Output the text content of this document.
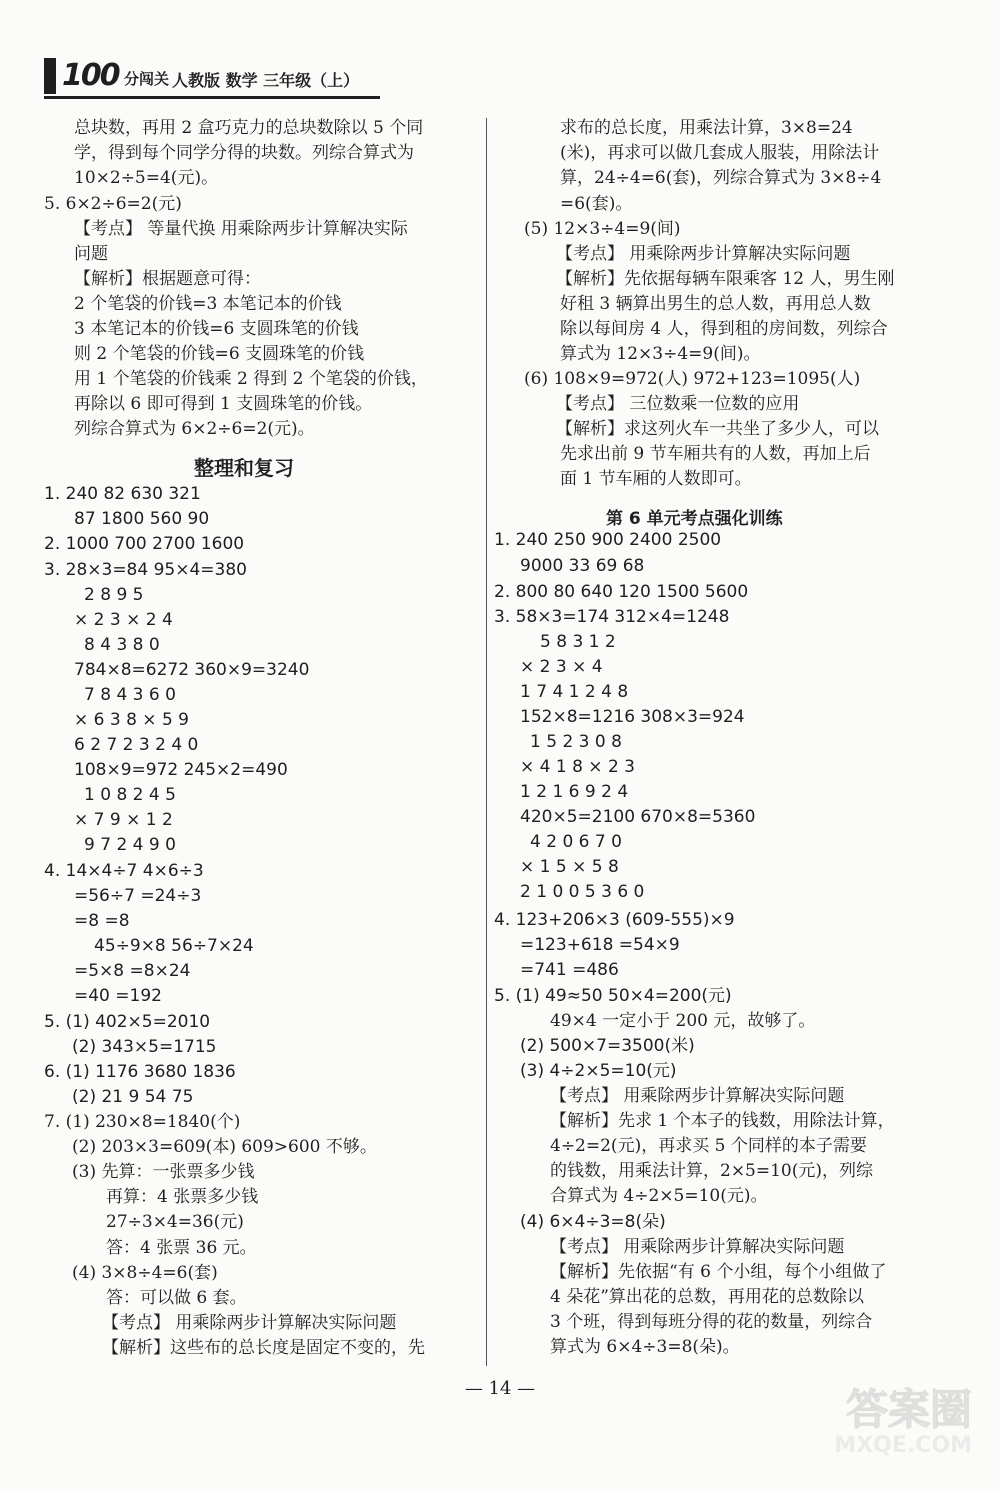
100 分闯关 人教版 数学 三年级（上）
总块数，再用 2 盒巧克力的总块数除以 5 个同
学，得到每个同学分得的块数。列综合算式为
10×2÷5=4(元)。
5. 6×2÷6=2(元)
【考点】 等量代换 用乘除两步计算解决实际
问题
【解析】根据题意可得：
2 个笔袋的价钱=3 本笔记本的价钱
3 本笔记本的价钱=6 支圆珠笔的价钱
则 2 个笔袋的价钱=6 支圆珠笔的价钱
用 1 个笔袋的价钱乘 2 得到 2 个笔袋的价钱，
再除以 6 即可得到 1 支圆珠笔的价钱。
列综合算式为 6×2÷6=2(元)。
整理和复习
1. 240 82 630 321
87 1800 560 90
2. 1000 700 2700 1600
3. 28×3=84 95×4=380
2 8 9 5
× 2 3 × 2 4
8 4 3 8 0
784×8=6272 360×9=3240
7 8 4 3 6 0
× 6 3 8 × 5 9
6 2 7 2 3 2 4 0
108×9=972 245×2=490
1 0 8 2 4 5
× 7 9 × 1 2
9 7 2 4 9 0
4. 14×4÷7 4×6÷3
=56÷7 =24÷3
=8 =8
45÷9×8 56÷7×24
=5×8 =8×24
=40 =192
5. (1) 402×5=2010
(2) 343×5=1715
6. (1) 1176 3680 1836
(2) 21 9 54 75
7. (1) 230×8=1840(个)
(2) 203×3=609(本) 609>600 不够。
(3) 先算：一张票多少钱
再算：4 张票多少钱
27÷3×4=36(元)
答：4 张票 36 元。
(4) 3×8÷4=6(套)
答：可以做 6 套。
【考点】 用乘除两步计算解决实际问题
【解析】这些布的总长度是固定不变的，先
求布的总长度，用乘法计算，3×8=24
(米)，再求可以做几套成人服装，用除法计
算，24÷4=6(套)，列综合算式为 3×8÷4
=6(套)。
(5) 12×3÷4=9(间)
【考点】 用乘除两步计算解决实际问题
【解析】先依据每辆车限乘客 12 人，男生刚
好租 3 辆算出男生的总人数，再用总人数
除以每间房 4 人，得到租的房间数，列综合
算式为 12×3÷4=9(间)。
(6) 108×9=972(人) 972+123=1095(人)
【考点】 三位数乘一位数的应用
【解析】求这列火车一共坐了多少人，可以
先求出前 9 节车厢共有的人数，再加上后
面 1 节车厢的人数即可。
第 6 单元考点强化训练
1. 240 250 900 2400 2500
9000 33 69 68
2. 800 80 640 120 1500 5600
3. 58×3=174 312×4=1248
5 8 3 1 2
× 2 3 × 4
1 7 4 1 2 4 8
152×8=1216 308×3=924
1 5 2 3 0 8
× 4 1 8 × 2 3
1 2 1 6 9 2 4
420×5=2100 670×8=5360
4 2 0 6 7 0
× 1 5 × 5 8
2 1 0 0 5 3 6 0
4. 123+206×3 (609-555)×9
=123+618 =54×9
=741 =486
5. (1) 49≈50 50×4=200(元)
49×4 一定小于 200 元，故够了。
(2) 500×7=3500(米)
(3) 4÷2×5=10(元)
【考点】 用乘除两步计算解决实际问题
【解析】先求 1 个本子的钱数，用除法计算，
4÷2=2(元)，再求买 5 个同样的本子需要
的钱数，用乘法计算，2×5=10(元)，列综
合算式为 4÷2×5=10(元)。
(4) 6×4÷3=8(朵)
【考点】 用乘除两步计算解决实际问题
【解析】先依据“有 6 个小组，每个小组做了
4 朵花”算出花的总数，再用花的总数除以
3 个班，得到每班分得的花的数量，列综合
算式为 6×4÷3=8(朵)。
— 14 —	答案圈
MXQE.COM
